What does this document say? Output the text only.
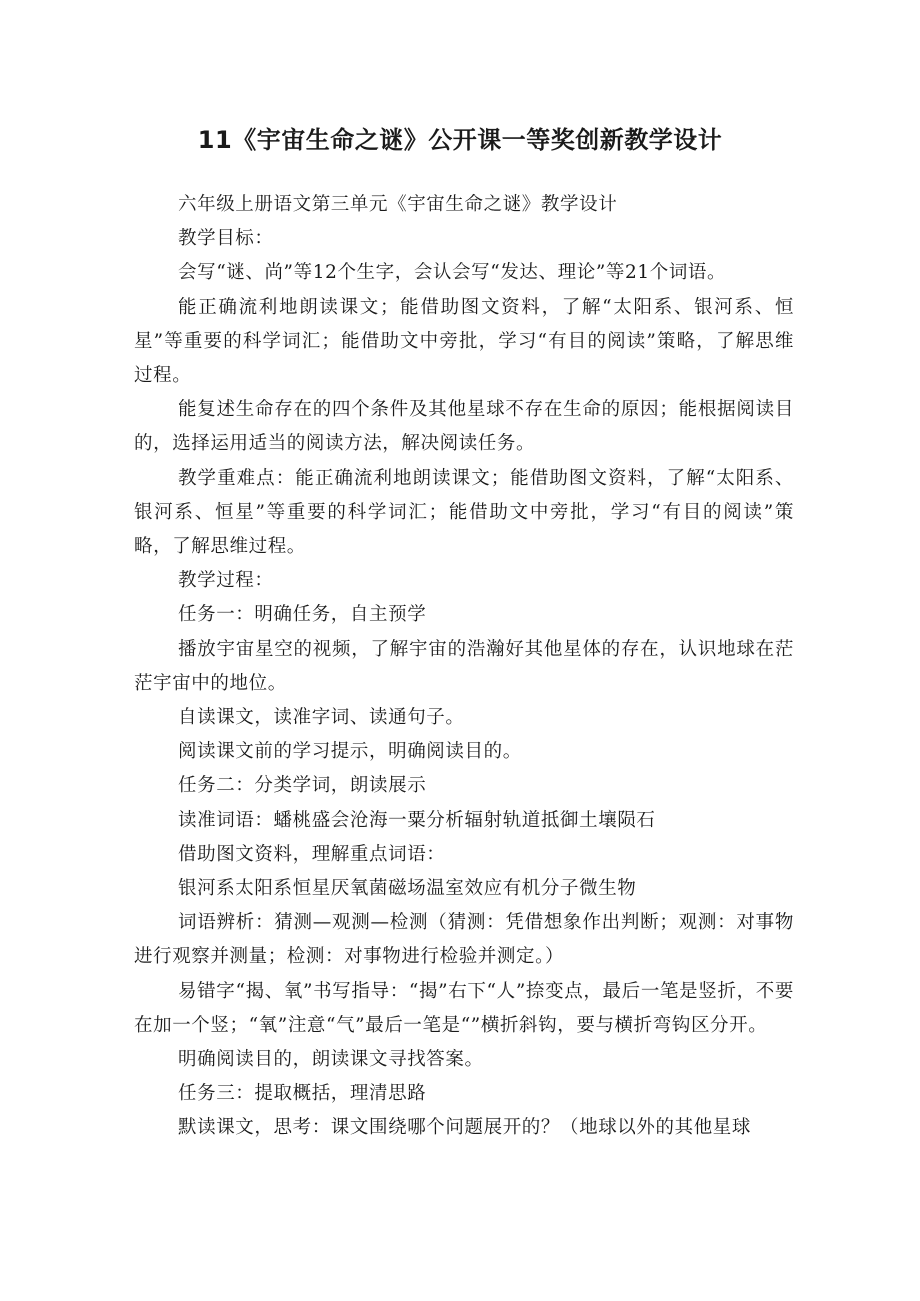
11《宇宙生命之谜》公开课一等奖创新教学设计

六年级上册语文第三单元《宇宙生命之谜》教学设计

教学目标：

会写“谜、尚”等12个生字，会认会写“发达、理论”等21个词语。

能正确流利地朗读课文；能借助图文资料，了解“太阳系、银河系、恒星”等重要的科学词汇；能借助文中旁批，学习“有目的阅读”策略，了解思维过程。

能复述生命存在的四个条件及其他星球不存在生命的原因；能根据阅读目的，选择运用适当的阅读方法，解决阅读任务。

教学重难点：能正确流利地朗读课文；能借助图文资料，了解“太阳系、银河系、恒星”等重要的科学词汇；能借助文中旁批，学习“有目的阅读”策略，了解思维过程。

教学过程：

任务一：明确任务，自主预学

播放宇宙星空的视频，了解宇宙的浩瀚好其他星体的存在，认识地球在茫茫宇宙中的地位。

自读课文，读准字词、读通句子。

阅读课文前的学习提示，明确阅读目的。

任务二：分类学词，朗读展示

读准词语：蟠桃盛会沧海一粟分析辐射轨道抵御土壤陨石

借助图文资料，理解重点词语：

银河系太阳系恒星厌氧菌磁场温室效应有机分子微生物

词语辨析：猜测—观测—检测（猜测：凭借想象作出判断；观测：对事物进行观察并测量；检测：对事物进行检验并测定。）

易错字“揭、氧”书写指导：“揭”右下“人”捺变点，最后一笔是竖折，不要在加一个竖；“氧”注意“气”最后一笔是“”横折斜钩，要与横折弯钩区分开。

明确阅读目的，朗读课文寻找答案。

任务三：提取概括，理清思路

默读课文，思考：课文围绕哪个问题展开的？（地球以外的其他星球
